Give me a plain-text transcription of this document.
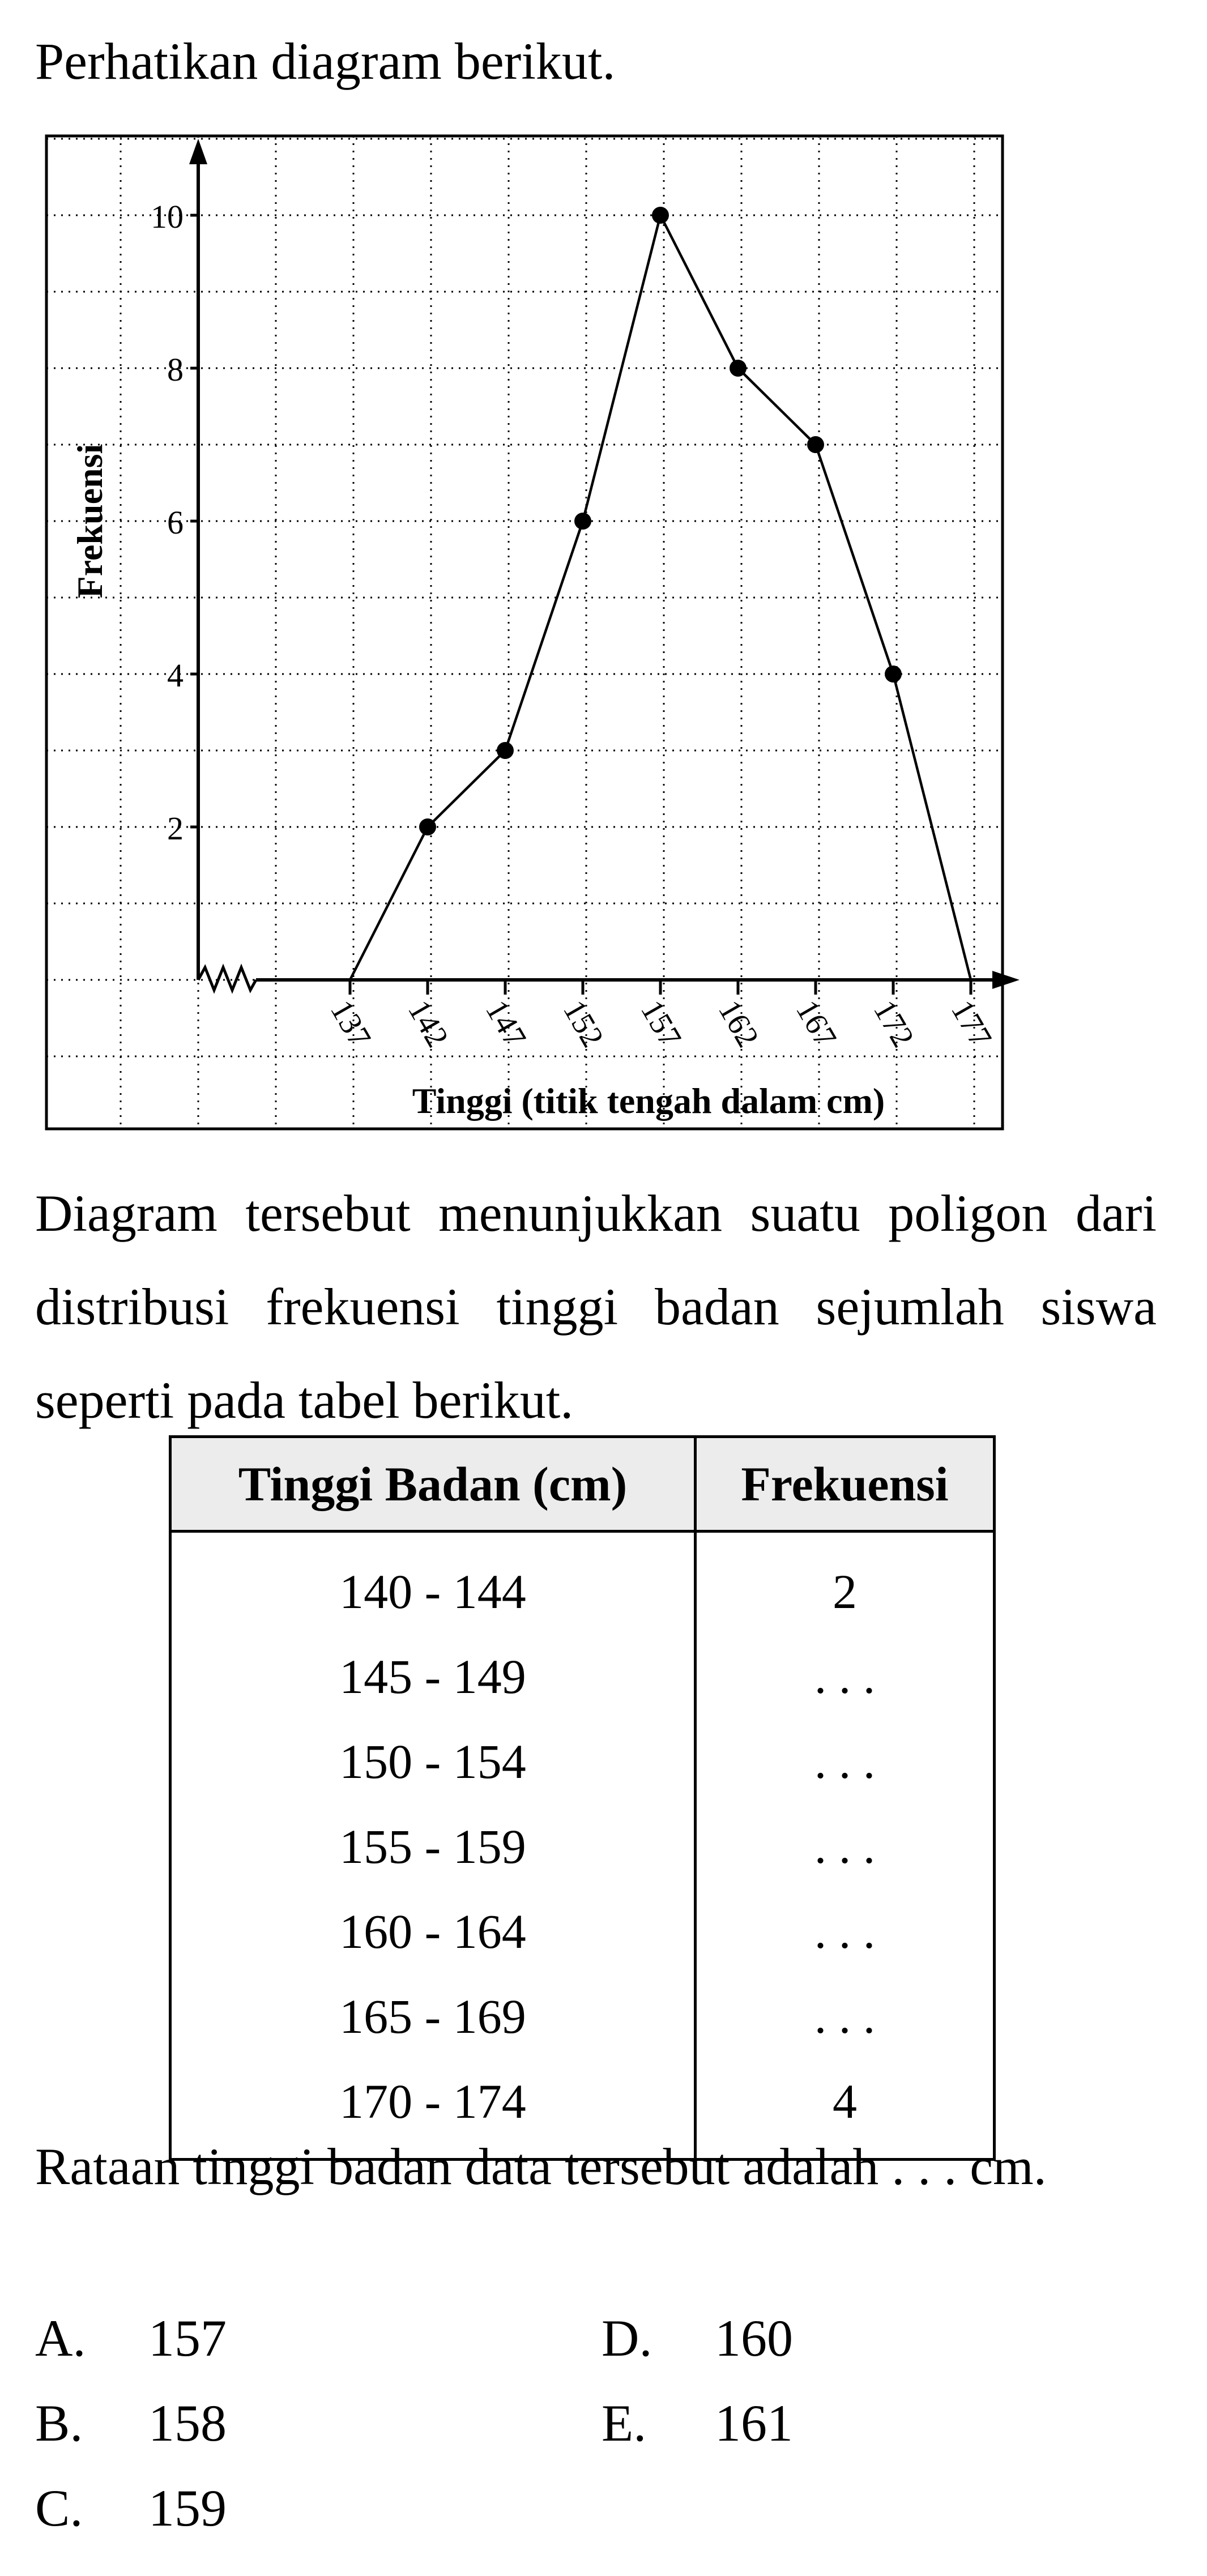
Perhatikan diagram berikut.

2
4
6
8
10
137 142 147 152 157 162 167 172 177
Frekuensi
Tinggi (titik tengah dalam cm)

Diagram tersebut menunjukkan suatu poligon dari distribusi frekuensi tinggi badan sejumlah siswa seperti pada tabel berikut.

Tinggi Badan (cm)	Frekuensi
140 - 144	2
145 - 149	. . .
150 - 154	. . .
155 - 159	. . .
160 - 164	. . .
165 - 169	. . .
170 - 174	4

Rataan tinggi badan data tersebut adalah . . . cm.

A. 157
B. 158
C. 159
D. 160
E. 161
